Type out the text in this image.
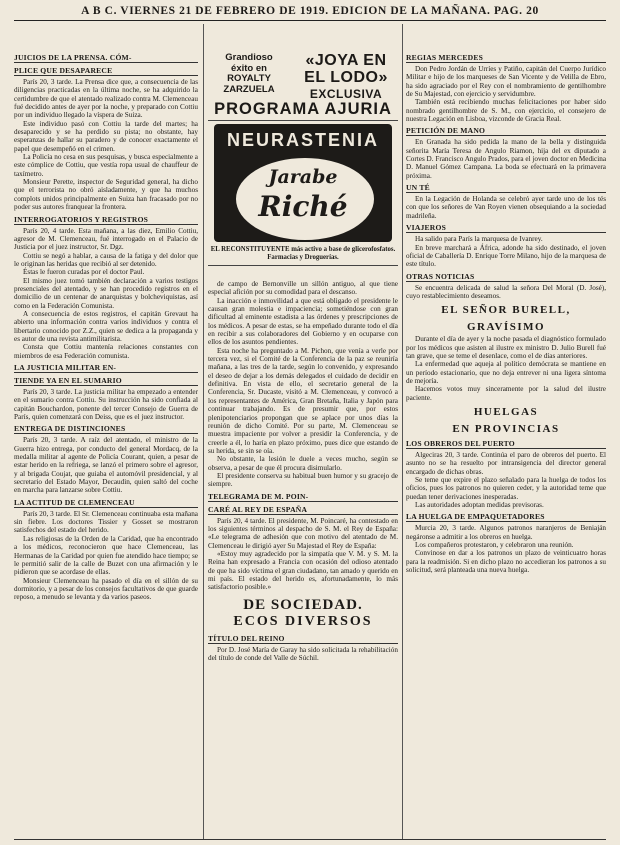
A B C. VIERNES 21 DE FEBRERO DE 1919. EDICION DE LA MAÑANA. PAG. 20
JUICIOS DE LA PRENSA. CÓM-
PLICE QUE DESAPARECE
París 20, 3 tarde. La Prensa dice que, a consecuencia de las diligencias practicadas en la última noche, se ha adquirido la certidumbre de que el atentado realizado contra M. Clemenceau fué decidido antes de ayer por la noche, y preparado con Cottiu por un individuo llegado la víspera de Suiza.
Este individuo pasó con Cottiu la tarde del martes; ha desaparecido y se ha perdido su pista; no obstante, hay esperanzas de hallar su paradero y de conocer exactamente el papel que desempeñó en el crimen.
La Policía no cesa en sus pesquisas, y busca especialmente a este cómplice de Cottiu, que vestía ropa usual de chauffeur de taxímetro.
Monsieur Perette, inspector de Seguridad general, ha dicho que el terrorista no obró aisladamente, y que ha muchos complots unidos principalmente en Suiza han fracasado por no poder sus autores franquear la frontera.
INTERROGATORIOS Y REGISTROS
París 20, 4 tarde. Esta mañana, a las diez, Emilio Cottiu, agresor de M. Clemenceau, fué interrogado en el Palacio de Justicia por el juez instructor, Sr. Dgz.
Cottiu se negó a hablar, a causa de la fatiga y del dolor que le originan las heridas que recibió al ser detenido.
Éstas le fueron curadas por el doctor Paul.
El mismo juez tomó también declaración a varios testigos presenciales del atentado, y se han procedido registros en el domicilio de un centenar de anarquistas y bolcheviquistas, así como en la Federación Comunista.
A consecuencia de estos registros, el capitán Grevaut ha abierto una información contra varios individuos y contra el libertario conocido por Z.Z., quien se dedica a la propaganda y es autor de una revista antimilitarista.
Consta que Cottiu mantenía relaciones constantes con miembros de esa Federación comunista.
LA JUSTICIA MILITAR EN-
TIENDE YA EN EL SUMARIO
París 20, 3 tarde. La justicia militar ha empezado a entender en el sumario contra Cottiu. Su instrucción ha sido confiada al capitán Bouchardon, ponente del tercer Consejo de Guerra de París, quien comenzará con Deiss, que es el juez instructor.
ENTREGA DE DISTINCIONES
París 20, 3 tarde. A raíz del atentado, el ministro de la Guerra hizo entrega, por conducto del general Mordacq, de la medalla militar al agente de Policía Courant, quien, a pesar de estar herido en la refriega, se lanzó el primero sobre el agresor, y al brigada Coujat, que guiaba el automóvil presidencial, y al secretario del Estado Mayor, Decaudin, quien saltó del coche en marcha para lanzarse sobre Cottiu.
LA ACTITUD DE CLEMENCEAU
París 20, 3 tarde. El Sr. Clemenceau continuaba esta mañana sin fiebre. Los doctores Tissier y Gosset se mostraron satisfechos del estado del herido.
Las religiosas de la Orden de la Caridad, que ha encontrado a los médicos, reconocieron que hace Clemenceau, las Hermanas de la Caridad por quien fue atendido hace tiempo; se le permitió salir de la calle de Buzet con una afirmación y le pidieron que se acordase de ellas.
Monsieur Clemenceau ha pasado el día en el sillón de su dormitorio, y a pesar de los consejos facultativos de que guarde reposo, a menudo se levanta y da varios paseos.
Grandioso
éxito en
ROYALTY
ZARZUELA
«JOYA EN
EL LODO»
EXCLUSIVA
PROGRAMA AJURIA
NEURASTENIA
Jarabe
Riché
EL RECONSTITUYENTE más activo a base de glicerofosfatos. Farmacias y Droguerías.
de campo de Bernonville un sillón antiguo, al que tiene especial afición por su comodidad para el descanso.
La inacción e inmovilidad a que está obligado el presidente le causan gran molestia e impaciencia; sometiéndose con gran dificultad al eminente estadista a las órdenes y prescripciones de los médicos. A pesar de estas, se ha empeñado durante todo el día en recibir a sus colaboradores del Gobierno y en ocuparse con ellos de los asuntos pendientes.
Esta noche ha preguntado a M. Pichon, que venía a verle por tercera vez, si el Comité de la Conferencia de la paz se reuniría mañana, a las tres de la tarde, según lo convenido, y expresando el deseo de dejar a los demás delegados el cuidado de decidir en definitiva. En vista de ello, el secretario general de la Conferencia, Sr. Ducaste, visitó a M. Clemenceau, y convocó a los representantes de América, Gran Bretaña, Italia y Japón para continuar trabajando. Es de presumir que, por estos plenipotenciarios propongan que se aplace por unos días la reunión de dicho Comité. Por su parte, M. Clemenceau se muestra impaciente por volver a presidir la Conferencia, y de creerle a él, lo haría en plazo próximo, pues dice que estando de su herida, se sin se oía.
No obstante, la lesión le duele a veces mucho, según se observa, a pesar de que él procura disimularlo.
El presidente conserva su habitual buen humor y su gracejo de siempre.
TELEGRAMA DE M. POIN-
CARÉ AL REY DE ESPAÑA
París 20, 4 tarde. El presidente, M. Poincaré, ha contestado en los siguientes términos al despacho de S. M. el Rey de España: «Le telegrama de adhesión que con motivo del atentado de M. Clemenceau le dirigió ayer Su Majestad el Rey de España:
«Estoy muy agradecido por la simpatía que V. M. y S. M. la Reina han expresado a Francia con ocasión del odioso atentado de que ha sido víctima el gran ciudadano, tan amado y querido en mi país. El estado del herido es, afortunadamente, lo más satisfactorio posible.»
DE SOCIEDAD.
ECOS DIVERSOS
TÍTULO DEL REINO
Por D. José María de Garay ha sido solicitada la rehabilitación del título de conde del Valle de Súchil.
REGIAS MERCEDES
Don Pedro Jordán de Urríes y Patiño, capitán del Cuerpo Jurídico Militar e hijo de los marqueses de San Vicente y de Velilla de Ebro, ha sido agraciado por el Rey con el nombramiento de gentilhombre de Su Majestad, con ejercicio y servidumbre.
También está recibiendo muchas felicitaciones por haber sido nombrado gentilhombre de S. M., con ejercicio, el consejero de nuestra Legación en Lisboa, vizconde de Gracia Real.
PETICIÓN DE MANO
En Granada ha sido pedida la mano de la bella y distinguida señorita María Teresa de Angulo Riamon, hija del ex diputado a Cortes D. Francisco Angulo Prados, para el joven doctor en Medicina D. Manuel Gómez Campana. La boda se efectuará en la primavera próxima.
UN TÉ
En la Legación de Holanda se celebró ayer tarde uno de los tés con que los señores de Van Royen vienen obsequiando a la sociedad madrileña.
VIAJEROS
Ha salido para París la marquesa de Ivanrey.
En breve marchará a África, adonde ha sido destinado, el joven oficial de Caballería D. Enrique Torre Milano, hijo de la marquesa de este título.
OTRAS NOTICIAS
Se encuentra delicada de salud la señora Del Moral (D. José), cuyo restablecimiento deseamos.
EL SEÑOR BURELL,
GRAVÍSIMO
Durante el día de ayer y la noche pasada el diagnóstico formulado por los médicos que asisten al ilustre ex ministro D. Julio Burell fué tan grave, que se teme el desenlace, como el de días anteriores.
La enfermedad que aqueja al político demócrata se mantiene en un período estacionario, que no deja entrever ni una ligera síntoma de mejoría.
Hacemos votos muy sinceramente por la salud del ilustre paciente.
HUELGAS
EN PROVINCIAS
LOS OBREROS DEL PUERTO
Algeciras 20, 3 tarde. Continúa el paro de obreros del puerto. El asunto no se ha resuelto por intransigencia del director general encargado de dichas obras.
Se teme que expire el plazo señalado para la huelga de todos los oficios, pues los patronos no quieren ceder, y la autoridad teme que puedan tener derivaciones inesperadas.
Las autoridades adoptan medidas previsoras.
LA HUELGA DE EMPAQUETADORES
Murcia 20, 3 tarde. Algunos patronos naranjeros de Beniaján negáronse a admitir a los obreros en huelga.
Los compañeros protestaron, y celebraron una reunión.
Convinose en dar a los patronos un plazo de veinticuatro horas para la readmisión. Si en dicho plazo no accedieran los patronos a su solicitud, será planteada una nueva huelga.
